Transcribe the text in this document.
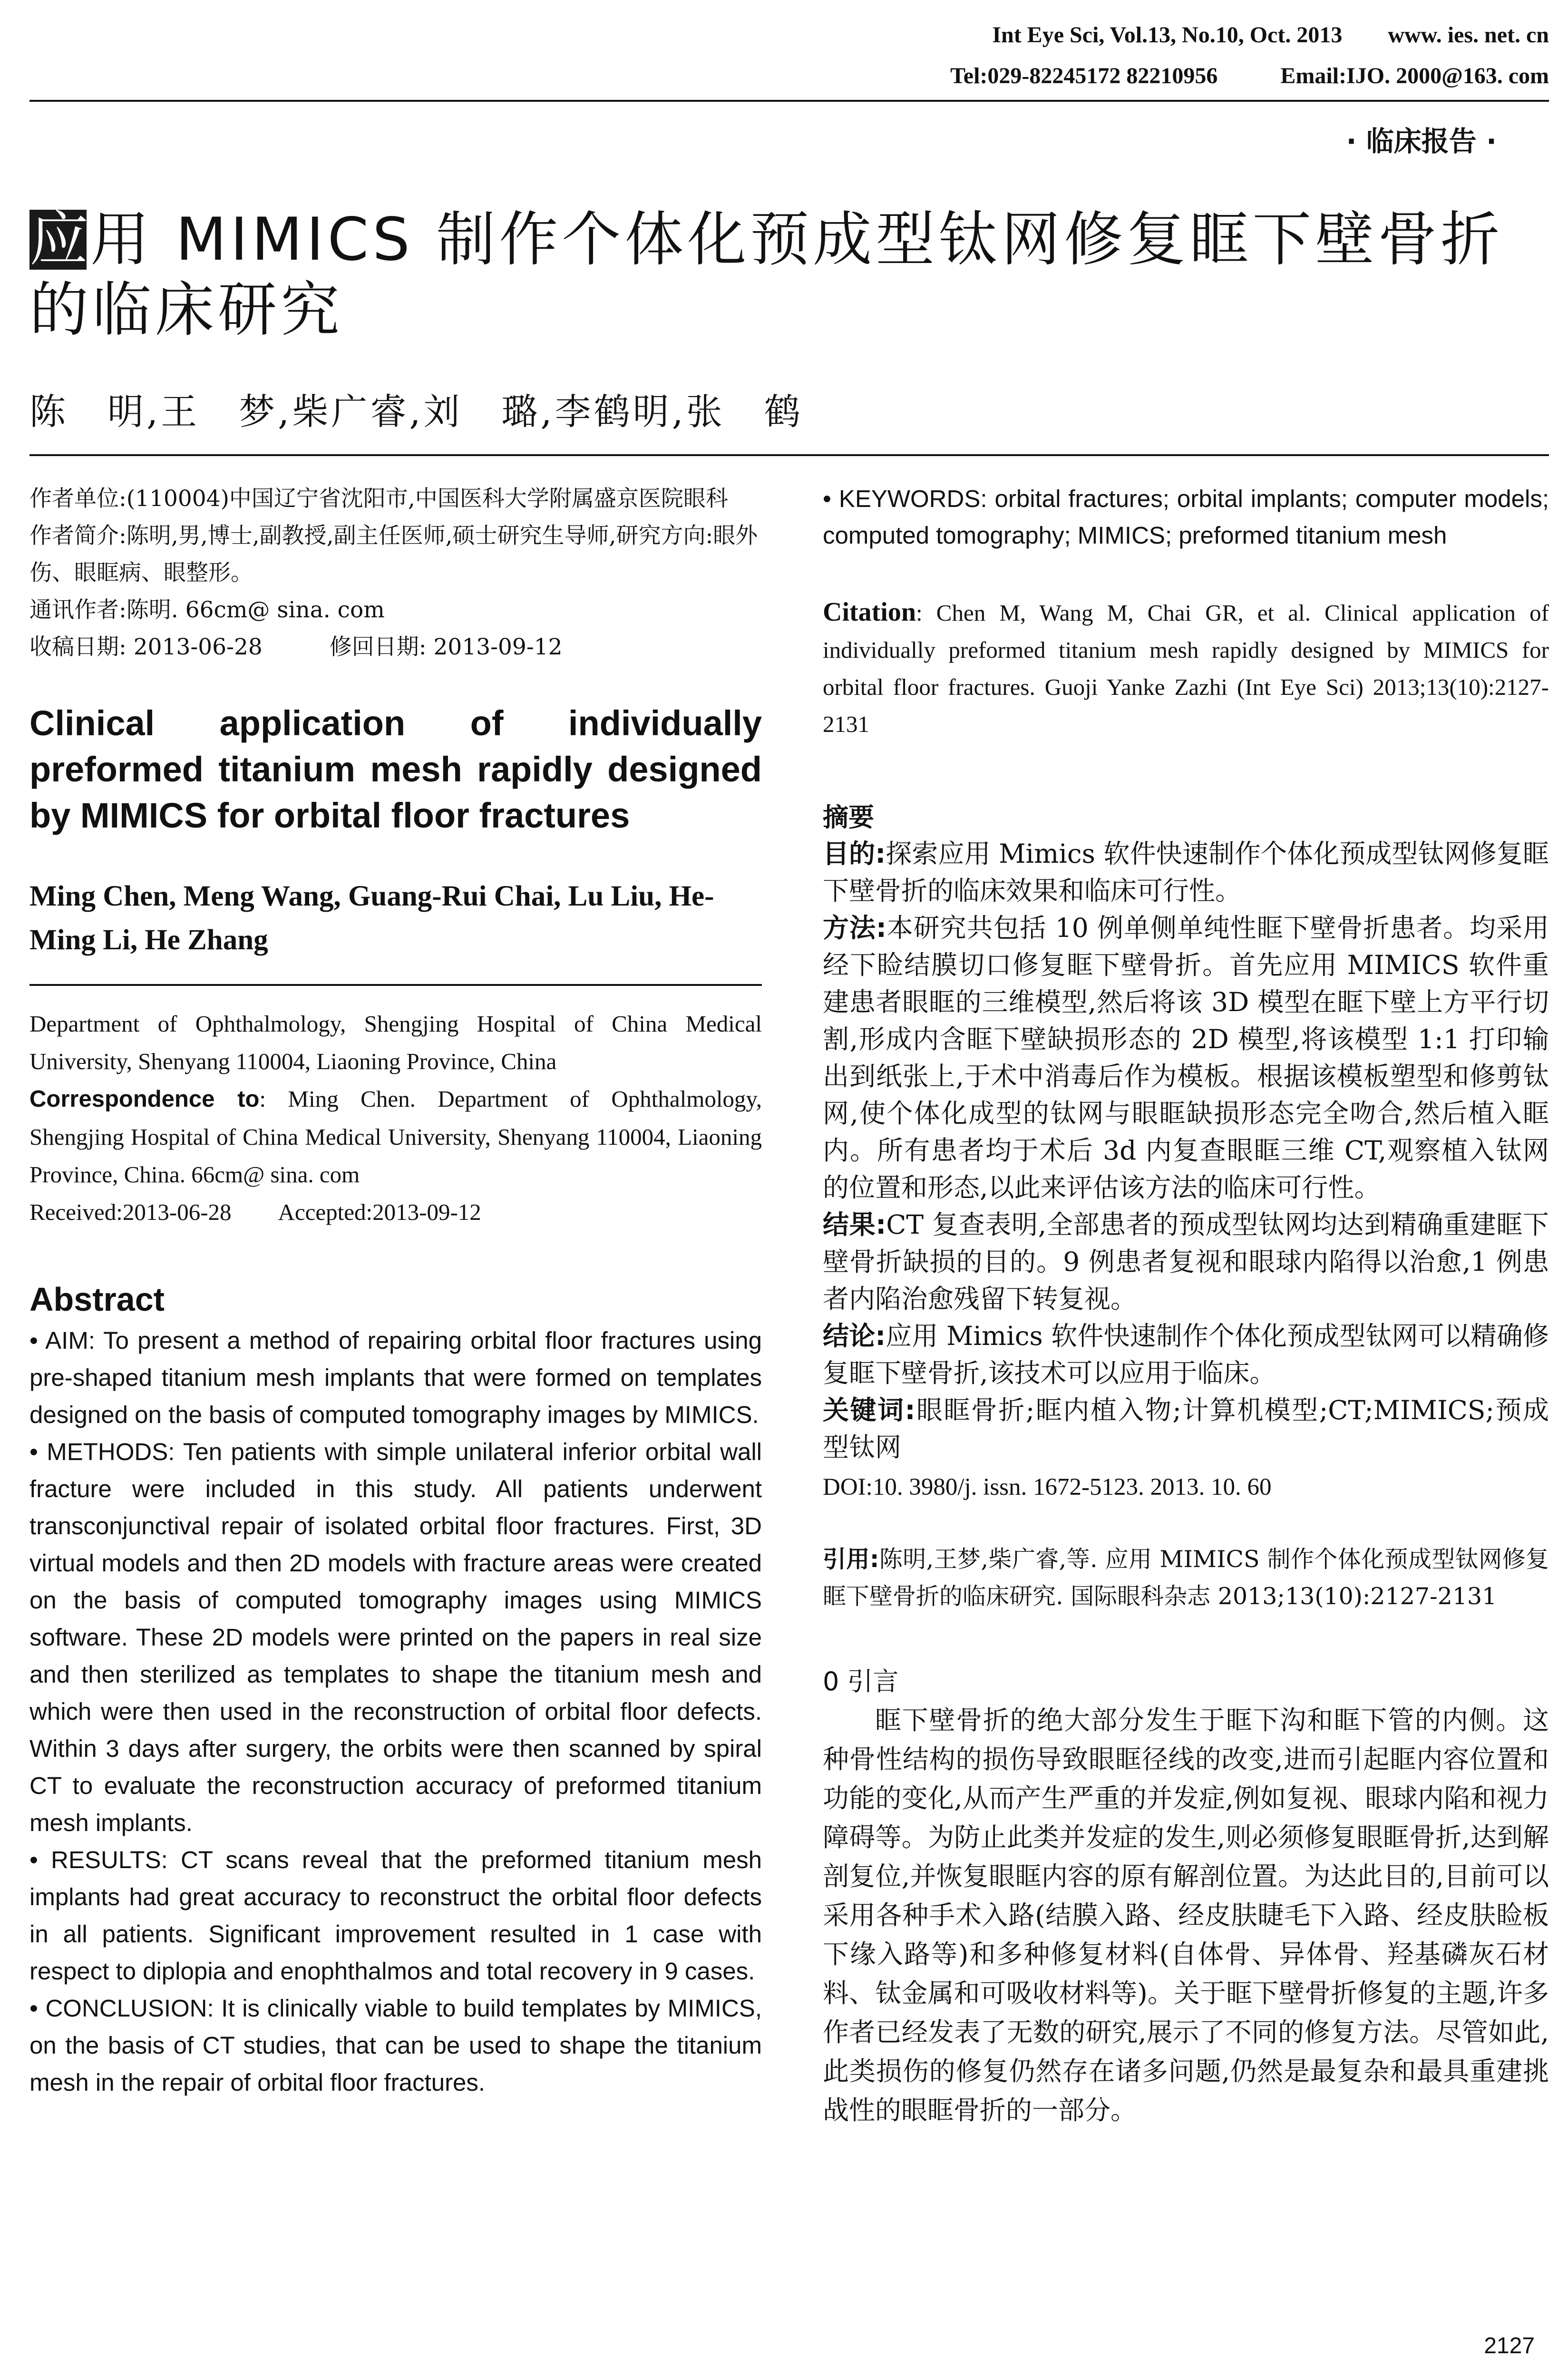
Int Eye Sci, Vol.13, No.10, Oct. 2013 www. ies. net. cn
Tel:029-82245172 82210956	Email:IJO. 2000@163. com
· 临床报告 ·
应用 MIMICS 制作个体化预成型钛网修复眶下壁骨折的临床研究
陈　明,王　梦,柴广睿,刘　璐,李鹤明,张　鹤

作者单位:(110004)中国辽宁省沈阳市,中国医科大学附属盛京医院眼科

作者简介:陈明,男,博士,副教授,副主任医师,硕士研究生导师,研究方向:眼外伤、眼眶病、眼整形。

通讯作者:陈明. 66cm@ sina. com

收稿日期: 2013-06-28　　　修回日期: 2013-09-12

Clinical application of individually preformed titanium mesh rapidly designed by MIMICS for orbital floor fractures
Ming Chen, Meng Wang, Guang-Rui Chai, Lu Liu, He-Ming Li, He Zhang
Department of Ophthalmology, Shengjing Hospital of China Medical University, Shenyang 110004, Liaoning Province, China
Correspondence to: Ming Chen. Department of Ophthalmology, Shengjing Hospital of China Medical University, Shenyang 110004, Liaoning Province, China. 66cm@ sina. com
Received:2013-06-28　　Accepted:2013-09-12
Abstract

• AIM: To present a method of repairing orbital floor fractures using pre-shaped titanium mesh implants that were formed on templates designed on the basis of computed tomography images by MIMICS.

• METHODS: Ten patients with simple unilateral inferior orbital wall fracture were included in this study. All patients underwent transconjunctival repair of isolated orbital floor fractures. First, 3D virtual models and then 2D models with fracture areas were created on the basis of computed tomography images using MIMICS software. These 2D models were printed on the papers in real size and then sterilized as templates to shape the titanium mesh and which were then used in the reconstruction of orbital floor defects. Within 3 days after surgery, the orbits were then scanned by spiral CT to evaluate the reconstruction accuracy of preformed titanium mesh implants.

• RESULTS: CT scans reveal that the preformed titanium mesh implants had great accuracy to reconstruct the orbital floor defects in all patients. Significant improvement resulted in 1 case with respect to diplopia and enophthalmos and total recovery in 9 cases.

• CONCLUSION: It is clinically viable to build templates by MIMICS, on the basis of CT studies, that can be used to shape the titanium mesh in the repair of orbital floor fractures.

• KEYWORDS: orbital fractures; orbital implants; computer models; computed tomography; MIMICS; preformed titanium mesh

Citation: Chen M, Wang M, Chai GR, et al. Clinical application of individually preformed titanium mesh rapidly designed by MIMICS for orbital floor fractures. Guoji Yanke Zazhi (Int Eye Sci) 2013;13(10):2127-2131
摘要
目的:探索应用 Mimics 软件快速制作个体化预成型钛网修复眶下壁骨折的临床效果和临床可行性。
方法:本研究共包括 10 例单侧单纯性眶下壁骨折患者。均采用经下睑结膜切口修复眶下壁骨折。首先应用 MIMICS 软件重建患者眼眶的三维模型,然后将该 3D 模型在眶下壁上方平行切割,形成内含眶下壁缺损形态的 2D 模型,将该模型 1:1 打印输出到纸张上,于术中消毒后作为模板。根据该模板塑型和修剪钛网,使个体化成型的钛网与眼眶缺损形态完全吻合,然后植入眶内。所有患者均于术后 3d 内复查眼眶三维 CT,观察植入钛网的位置和形态,以此来评估该方法的临床可行性。
结果:CT 复查表明,全部患者的预成型钛网均达到精确重建眶下壁骨折缺损的目的。9 例患者复视和眼球内陷得以治愈,1 例患者内陷治愈残留下转复视。
结论:应用 Mimics 软件快速制作个体化预成型钛网可以精确修复眶下壁骨折,该技术可以应用于临床。
关键词:眼眶骨折;眶内植入物;计算机模型;CT;MIMICS;预成型钛网
DOI:10. 3980/j. issn. 1672-5123. 2013. 10. 60
引用:陈明,王梦,柴广睿,等. 应用 MIMICS 制作个体化预成型钛网修复眶下壁骨折的临床研究. 国际眼科杂志 2013;13(10):2127-2131
0 引言

眶下壁骨折的绝大部分发生于眶下沟和眶下管的内侧。这种骨性结构的损伤导致眼眶径线的改变,进而引起眶内容位置和功能的变化,从而产生严重的并发症,例如复视、眼球内陷和视力障碍等。为防止此类并发症的发生,则必须修复眼眶骨折,达到解剖复位,并恢复眼眶内容的原有解剖位置。为达此目的,目前可以采用各种手术入路(结膜入路、经皮肤睫毛下入路、经皮肤睑板下缘入路等)和多种修复材料(自体骨、异体骨、羟基磷灰石材料、钛金属和可吸收材料等)。关于眶下壁骨折修复的主题,许多作者已经发表了无数的研究,展示了不同的修复方法。尽管如此,此类损伤的修复仍然存在诸多问题,仍然是最复杂和最具重建挑战性的眼眶骨折的一部分。

2127
